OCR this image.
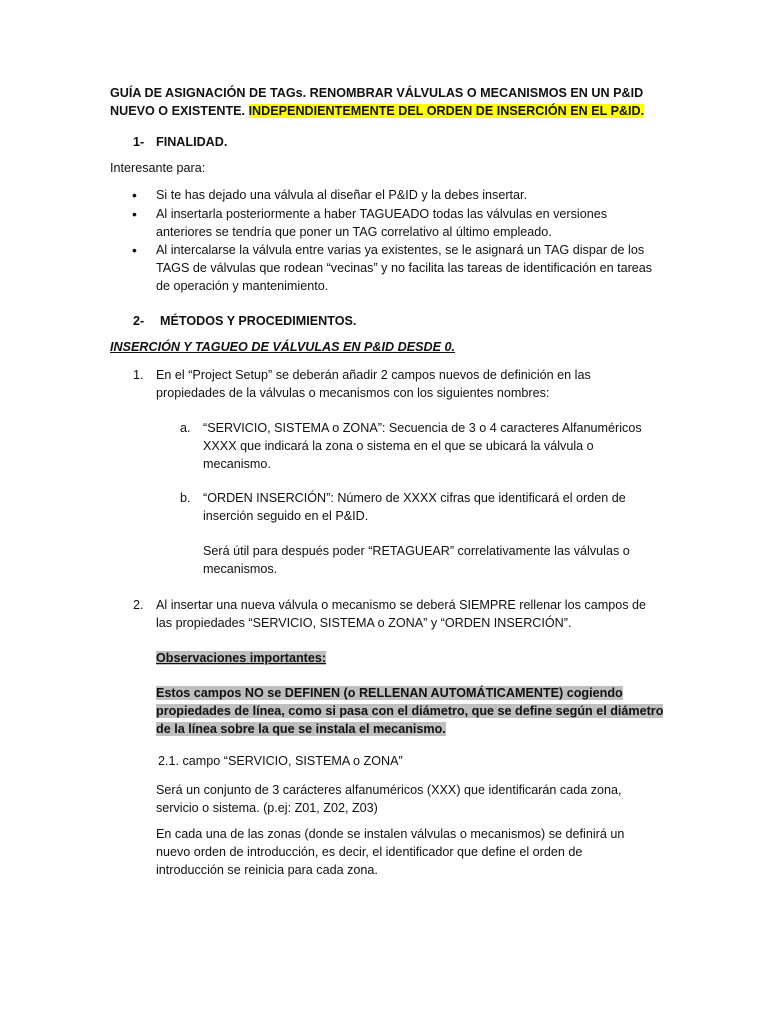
GUÍA DE ASIGNACIÓN DE TAGs. RENOMBRAR VÁLVULAS O MECANISMOS EN UN P&ID

NUEVO O EXISTENTE. INDEPENDIENTEMENTE DEL ORDEN DE INSERCIÓN EN EL P&ID.

1- FINALIDAD.

Interesante para:

• Si te has dejado una válvula al diseñar el P&ID y la debes insertar.

• Al insertarla posteriormente a haber TAGUEADO todas las válvulas en versiones anteriores se tendría que poner un TAG correlativo al último empleado.

• Al intercalarse la válvula entre varias ya existentes, se le asignará un TAG dispar de los TAGS de válvulas que rodean “vecinas” y no facilita las tareas de identificación en tareas de operación y mantenimiento.

2- MÉTODOS Y PROCEDIMIENTOS.

INSERCIÓN Y TAGUEO DE VÁLVULAS EN P&ID DESDE 0.

1. En el “Project Setup” se deberán añadir 2 campos nuevos de definición en las propiedades de la válvulas o mecanismos con los siguientes nombres:

a. “SERVICIO, SISTEMA o ZONA”: Secuencia de 3 o 4 caracteres Alfanuméricos XXXX que indicará la zona o sistema en el que se ubicará la válvula o mecanismo.

b. “ORDEN INSERCIÓN”: Número de XXXX cifras que identificará el orden de inserción seguido en el P&ID.

Será útil para después poder “RETAGUEAR” correlativamente las válvulas o mecanismos.

2. Al insertar una nueva válvula o mecanismo se deberá SIEMPRE rellenar los campos de las propiedades “SERVICIO, SISTEMA o ZONA” y “ORDEN INSERCIÓN”.

Observaciones importantes:

Estos campos NO se DEFINEN (o RELLENAN AUTOMÁTICAMENTE) cogiendo

propiedades de línea, como si pasa con el diámetro, que se define según el diámetro

de la línea sobre la que se instala el mecanismo.

2.1. campo “SERVICIO, SISTEMA o ZONA”

Será un conjunto de 3 carácteres alfanuméricos (XXX) que identificarán cada zona, servicio o sistema. (p.ej: Z01, Z02, Z03)

En cada una de las zonas (donde se instalen válvulas o mecanismos) se definirá un nuevo orden de introducción, es decir, el identificador que define el orden de introducción se reinicia para cada zona.
